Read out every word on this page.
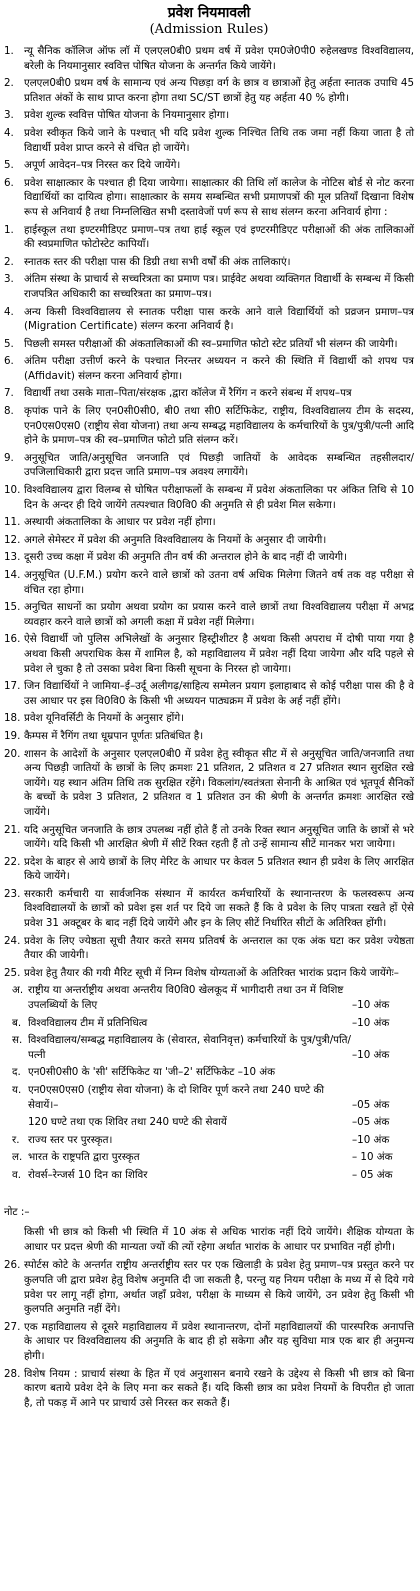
प्रवेश नियमावली
(Admission Rules)
1. न्यू सैनिक कॉलिज ऑफ लॉ में एलएल0बी0 प्रथम वर्ष में प्रवेश एम0जे0पी0 रुहेलखण्ड विश्वविद्यालय, बरेली के नियमानुसार स्ववित्त पोषित योजना के अन्तर्गत किये जायेंगे।
2. एलएल0बी0 प्रथम वर्ष के सामान्य एवं अन्य पिछड़ा वर्ग के छात्र व छात्राओं हेतु अर्हता स्नातक उपाधि 45 प्रतिशत अंकों के साथ प्राप्त करना होगा तथा SC/ST छात्रों हेतु यह अर्हता 40 % होगी।
3. प्रवेश शुल्क स्ववित्त पोषित योजना के नियमानुसार होगा।
4. प्रवेश स्वीकृत किये जाने के पश्चात् भी यदि प्रवेश शुल्क निश्चित तिथि तक जमा नहीं किया जाता है तो विद्यार्थी प्रवेश प्राप्त करने से वंचित हो जायेंगे।
5. अपूर्ण आवेदन–पत्र निरस्त कर दिये जायेंगे।
6. प्रवेश साक्षात्कार के पश्चात ही दिया जायेगा। साक्षात्कार की तिथि लॉ कालेज के नोटिस बोर्ड से नोट करना विद्यार्थियों का दायित्व होगा। साक्षात्कार के समय सम्बन्धित सभी प्रमाणपत्रों की मूल प्रतियाँ दिखाना विशेष रूप से अनिवार्य है तथा निम्नलिखित सभी दस्तावेजों पर्ण रूप से साथ संलग्न करना अनिवार्य होगा :
1. हाईस्कूल तथा इण्टरमीडिएट प्रमाण–पत्र तथा हाई स्कूल एवं इण्टरमीडिएट परीक्षाओं की अंक तालिकाओं की स्वप्रमाणित फोटोस्टेट कापियाँ।
2. स्नातक स्तर की परीक्षा पास की डिग्री तथा सभी वर्षों की अंक तालिकाएं।
3. अंतिम संस्था के प्राचार्य से सच्चरित्रता का प्रमाण पत्र। प्राईवेट अथवा व्यक्तिगत विद्यार्थी के सम्बन्ध में किसी राजपत्रित अधिकारी का सच्चरित्रता का प्रमाण–पत्र।
4. अन्य किसी विश्वविद्यालय से स्नातक परीक्षा पास करके आने वाले विद्यार्थियों को प्रव्रजन प्रमाण–पत्र (Migration Certificate) संलग्न करना अनिवार्य है।
5. पिछली समस्त परीक्षाओं की अंकतालिकाओं की स्व–प्रमाणित फोटो स्टेट प्रतियाँ भी संलग्न की जायेगी।
6. अंतिम परीक्षा उत्तीर्ण करने के पश्चात निरन्तर अध्ययन न करने की स्थिति में विद्यार्थी को शपथ पत्र (Affidavit) संलग्न करना अनिवार्य होगा।
7. विद्यार्थी तथा उसके माता–पिता/संरक्षक ,द्वारा कॉलेज में रैगिंग न करने संबन्ध में शपथ–पत्र
8. कृपांक पाने के लिए एन0सी0सी0, बी0 तथा सी0 सर्टिफिकेट, राष्ट्रीय, विश्वविद्यालय टीम के सदस्य, एन0एस0एस0 (राष्ट्रीय सेवा योजना) तथा अन्य सम्बद्ध महाविद्यालय के कर्मचारियों के पुत्र/पुत्री/पत्नी आदि होने के प्रमाण–पत्र की स्व–प्रमाणित फोटो प्रति संलग्न करें।
9. अनुसूचित जाति/अनुसूचित जनजाति एवं पिछड़ी जातियों के आवेदक सम्बन्धित तहसीलदार/उपजिलाधिकारी द्वारा प्रदत्त जाति प्रमाण–पत्र अवश्य लगायेंगे।
10. विश्वविद्यालय द्वारा विलम्ब से घोषित परीक्षाफलों के सम्बन्ध में प्रवेश अंकतालिका पर अंकित तिथि से 10 दिन के अन्दर ही दिये जायेंगे तत्पश्चात वि0वि0 की अनुमति से ही प्रवेश मिल सकेगा।
11. अस्थायी अंकतालिका के आधार पर प्रवेश नहीं होगा।
12. अगले सेमेस्टर में प्रवेश की अनुमति विश्वविद्यालय के नियमों के अनुसार दी जायेगी।
13. दूसरी उच्च कक्षा में प्रवेश की अनुमति तीन वर्ष की अन्तराल होने के बाद नहीं दी जायेगी।
14. अनुसूचित (U.F.M.) प्रयोग करने वाले छात्रों को उतना वर्ष अधिक मिलेगा जितने वर्ष तक वह परीक्षा से वंचित रहा होगा।
15. अनुचित साधनों का प्रयोग अथवा प्रयोग का प्रयास करने वाले छात्रों तथा विश्वविद्यालय परीक्षा में अभद्र व्यवहार करने वाले छात्रों को अगली कक्षा में प्रवेश नहीं मिलेगा।
16. ऐसे विद्यार्थी जो पुलिस अभिलेखों के अनुसार हिस्ट्रीशीटर है अथवा किसी अपराध में दोषी पाया गया है अथवा किसी अपराधिक केस में शामिल है, को महाविद्यालय में प्रवेश नहीं दिया जायेगा और यदि पहले से प्रवेश ले चुका है तो उसका प्रवेश बिना किसी सूचना के निरस्त हो जायेगा।
17. जिन विद्यार्थियों ने जामिया–ई–उर्दू अलीगढ़/साहित्य सम्मेलन प्रयाग इलाहाबाद से कोई परीक्षा पास की है वे उस आधार पर इस वि0वि0 के किसी भी अध्ययन पाठ्यक्रम में प्रवेश के अर्ह नहीं होंगे।
18. प्रवेश यूनिवर्सिटी के नियमों के अनुसार होंगे।
19. कैम्पस में रैगिंग तथा धूम्रपान पूर्णतः प्रतिबंधित है।
20. शासन के आदेशों के अनुसार एलएल0बी0 में प्रवेश हेतु स्वीकृत सीट में से अनुसूचित जाति/जनजाति तथा अन्य पिछड़ी जातियों के छात्रों के लिए क्रमशः 21 प्रतिशत, 2 प्रतिशत व 27 प्रतिशत स्थान सुरक्षित रखे जायेंगे। यह स्थान अंतिम तिथि तक सुरक्षित रहेंगे। विकलांग/स्वतंत्रता सेनानी के आश्रित एवं भूतपूर्व सैनिकों के बच्चों के प्रवेश 3 प्रतिशत, 2 प्रतिशत व 1 प्रतिशत उन की श्रेणी के अन्तर्गत क्रमशः आरक्षित रखे जायेंगे।
21. यदि अनुसूचित जनजाति के छात्र उपलब्ध नहीं होते हैं तो उनके रिक्त स्थान अनुसूचित जाति के छात्रों से भरे जायेंगे। यदि किसी भी आरक्षित श्रेणी में सीटें रिक्त रहती हैं तो उन्हें सामान्य सीटें मानकर भरा जायेगा।
22. प्रदेश के बाहर से आये छात्रों के लिए मेरिट के आधार पर केवल 5 प्रतिशत स्थान ही प्रवेश के लिए आरक्षित किये जायेंगे।
23. सरकारी कर्मचारी या सार्वजनिक संस्थान में कार्यरत कर्मचारियों के स्थानान्तरण के फलस्वरूप अन्य विश्वविद्यालयों के छात्रों को प्रवेश इस शर्त पर दिये जा सकते हैं कि वे प्रवेश के लिए पात्रता रखते हों ऐसे प्रवेश 31 अक्टूबर के बाद नहीं दिये जायेंगे और इन के लिए सीटें निर्धारित सीटों के अतिरिक्त होंगी।
24. प्रवेश के लिए ज्येष्ठता सूची तैयार करते समय प्रतिवर्ष के अन्तराल का एक अंक घटा कर प्रवेश ज्येष्ठता तैयार की जायेगी।
25. प्रवेश हेतु तैयार की गयी मैरिट सूची में निम्न विशेष योग्यताओं के अतिरिक्त भारांक प्रदान किये जायेंगेः–
अ. राष्ट्रीय या अन्तर्राष्ट्रीय अथवा अन्तरीय वि0वि0 खेलकूद में भागीदारी तथा उन में विशिष्ट उपलब्धियों के लिए	–10 अंक
ब. विश्वविद्यालय टीम में प्रतिनिधित्व	–10 अंक
स. विश्वविद्यालय/सम्बद्ध महाविद्यालय के (सेवारत, सेवानिवृत्त) कर्मचारियों के पुत्र/पुत्री/पति/पत्नी	–10 अंक
द. एन0सी0सी0 के 'सी' सर्टिफिकेट या 'जी–2' सर्टिफिकेट –10 अंक
य. एन0एस0एस0 (राष्ट्रीय सेवा योजना) के दो शिविर पूर्ण करने तथा 240 घण्टे की सेवायें।–	–05 अंक
120 घण्टे तथा एक शिविर तथा 240 घण्टे की सेवायें	–05 अंक
र. राज्य स्तर पर पुरस्कृत।	–10 अंक
ल. भारत के राष्ट्रपति द्वारा पुरस्कृत	– 10 अंक
व. रोवर्स–रेन्जर्स 10 दिन का शिविर	– 05 अंक
नोट :–
किसी भी छात्र को किसी भी स्थिति में 10 अंक से अधिक भारांक नहीं दिये जायेंगे। शैक्षिक योग्यता के आधार पर प्रदत्त श्रेणी की मान्यता ज्यों की त्यों रहेगा अर्थात भारांक के आधार पर प्रभावित नहीं होगी।
26. स्पोर्टस कोटे के अन्तर्गत राष्ट्रीय अन्तर्राष्ट्रीय स्तर पर एक खिलाड़ी के प्रवेश हेतु प्रमाण–पत्र प्रस्तुत करने पर कुलपति जी द्वारा प्रवेश हेतु विशेष अनुमति दी जा सकती है, परन्तु यह नियम परीक्षा के मध्य में से दिये गये प्रवेश पर लागू नहीं होगा, अर्थात जहाँ प्रवेश, परीक्षा के माध्यम से किये जायेंगे, उन प्रवेश हेतु किसी भी कुलपति अनुमति नहीं देंगे।
27. एक महाविद्यालय से दूसरे महाविद्यालय में प्रवेश स्थानान्तरण, दोनों महाविद्यालयों की पारस्परिक अनापत्ति के आधार पर विश्वविद्यालय की अनुमति के बाद ही हो सकेगा और यह सुविधा मात्र एक बार ही अनुमन्य होगी।
28. विशेष नियम : प्राचार्य संस्था के हित में एवं अनुशासन बनाये रखने के उद्देश्य से किसी भी छात्र को बिना कारण बताये प्रवेश देने के लिए मना कर सकते हैं। यदि किसी छात्र का प्रवेश नियमों के विपरीत हो जाता है, तो पकड़ में आने पर प्राचार्य उसे निरस्त कर सकते हैं।
